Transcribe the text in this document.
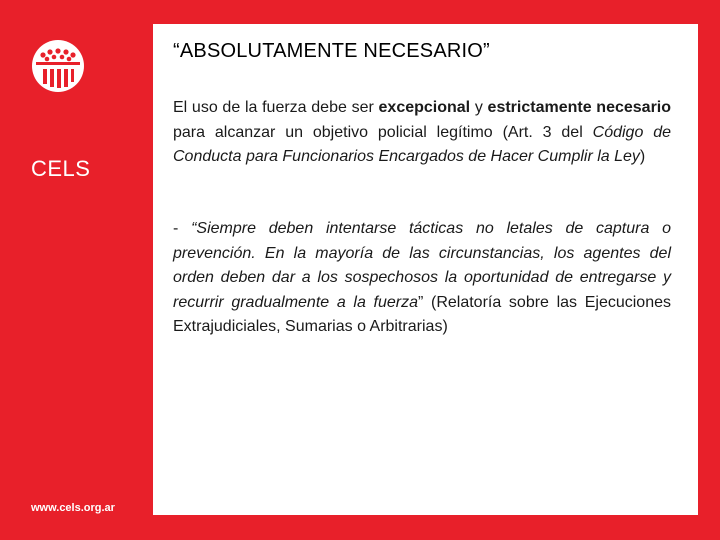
CELS
www.cels.org.ar
“ABSOLUTAMENTE NECESARIO”
El uso de la fuerza debe ser excepcional y estrictamente necesario para alcanzar un objetivo policial legítimo (Art. 3 del Código de Conducta para Funcionarios Encargados de Hacer Cumplir la Ley)
- “Siempre deben intentarse tácticas no letales de captura o prevención. En la mayoría de las circunstancias, los agentes del orden deben dar a los sospechosos la oportunidad de entregarse y recurrir gradualmente a la fuerza” (Relatoría sobre las Ejecuciones Extrajudiciales, Sumarias o Arbitrarias)
